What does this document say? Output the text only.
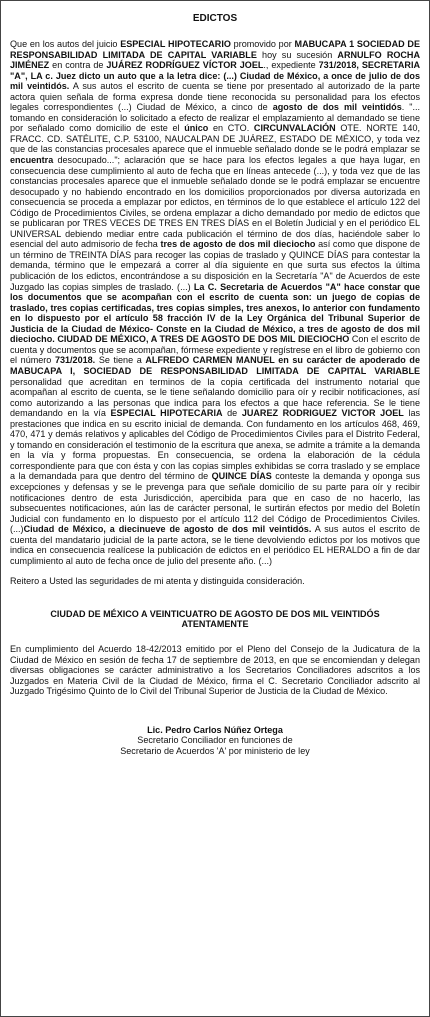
EDICTOS

Que en los autos del juicio ESPECIAL HIPOTECARIO promovido por MABUCAPA 1 SOCIEDAD DE RESPONSABILIDAD LIMITADA DE CAPITAL VARIABLE hoy su sucesión ARNULFO ROCHA JIMÉNEZ en contra de JUÁREZ RODRÍGUEZ VÍCTOR JOEL., expediente 731/2018, SECRETARIA "A", LA c. Juez dicto un auto que a la letra dice: (...) Ciudad de México, a once de julio de dos mil veintidós. A sus autos el escrito de cuenta se tiene por presentado al autorizado de la parte actora quien señala de forma expresa donde tiene reconocida su personalidad para los efectos legales correspondientes (...) Ciudad de México, a cinco de agosto de dos mil veintidós. "... tomando en consideración lo solicitado a efecto de realizar el emplazamiento al demandado se tiene por señalado como domicilio de este el único en CTO. CIRCUNVALACIÓN OTE. NORTE 140, FRACC. CD. SATÉLITE, C.P. 53100, NAUCALPAN DE JUÁREZ, ESTADO DE MÉXICO, y toda vez que de las constancias procesales aparece que el inmueble señalado donde se le podrá emplazar se encuentra desocupado..."; aclaración que se hace para los efectos legales a que haya lugar, en consecuencia dese cumplimiento al auto de fecha que en líneas antecede (...), y toda vez que de las constancias procesales aparece que el inmueble señalado donde se le podrá emplazar se encuentre desocupado y no habiendo encontrado en los domicilios proporcionados por diversa autorizada en consecuencia se proceda a emplazar por edictos, en términos de lo que establece el artículo 122 del Código de Procedimientos Civiles, se ordena emplazar a dicho demandado por medio de edictos que se publicaran por TRES VECES DE TRES EN TRES DÍAS en el Boletín Judicial y en el periódico EL UNIVERSAL debiendo mediar entre cada publicación el término de dos días, haciéndole saber lo esencial del auto admisorio de fecha tres de agosto de dos mil dieciocho así como que dispone de un término de TREINTA DÍAS para recoger las copias de traslado y QUINCE DÍAS para contestar la demanda, término que le empezará a correr al día siguiente en que surta sus efectos la última publicación de los edictos, encontrándose a su disposición en la Secretaría "A" de Acuerdos de este Juzgado las copias simples de traslado. (...) La C. Secretaria de Acuerdos "A" hace constar que los documentos que se acompañan con el escrito de cuenta son: un juego de copias de traslado, tres copias certificadas, tres copias simples, tres anexos, lo anterior con fundamento en lo dispuesto por el artículo 58 fracción IV de la Ley Orgánica del Tribunal Superior de Justicia de la Ciudad de México- Conste en la Ciudad de México, a tres de agosto de dos mil dieciocho. CIUDAD DE MÉXICO, A TRES DE AGOSTO DE DOS MIL DIECIOCHO Con el escrito de cuenta y documentos que se acompañan, fórmese expediente y regístrese en el libro de gobierno con el número 731/2018. Se tiene a ALFREDO CARMEN MANUEL en su carácter de apoderado de MABUCAPA I, SOCIEDAD DE RESPONSABILIDAD LIMITADA DE CAPITAL VARIABLE personalidad que acreditan en terminos de la copia certificada del instrumento notarial que acompañan al escrito de cuenta, se le tiene señalando domicilio para oír y recibir notificaciones, así como autorizando a las personas que indica para los efectos a que hace referencia. Se le tiene demandando en la vía ESPECIAL HIPOTECARIA de JUAREZ RODRIGUEZ VICTOR JOEL las prestaciones que indica en su escrito inicial de demanda. Con fundamento en los artículos 468, 469, 470, 471 y demás relativos y aplicables del Código de Procedimientos Civiles para el Distrito Federal, y tomando en consideración el testimonio de la escritura que anexa, se admite a trámite a la demanda en la vía y forma propuestas. En consecuencia, se ordena la elaboración de la cédula correspondiente para que con ésta y con las copias simples exhibidas se corra traslado y se emplace a la demandada para que dentro del término de QUINCE DÍAS conteste la demanda y oponga sus excepciones y defensas y se le prevenga para que señale domicilio de su parte para oír y recibir notificaciones dentro de esta Jurisdicción, apercibida para que en caso de no hacerlo, las subsecuentes notificaciones, aún las de carácter personal, le surtirán efectos por medio del Boletín Judicial con fundamento en lo dispuesto por el artículo 112 del Código de Procedimientos Civiles. (...)Ciudad de México, a diecinueve de agosto de dos mil veintidós. A sus autos el escrito de cuenta del mandatario judicial de la parte actora, se le tiene devolviendo edictos por los motivos que indica en consecuencia realícese la publicación de edictos en el periódico EL HERALDO a fin de dar cumplimiento al auto de fecha once de julio del presente año. (...)

Reitero a Usted las seguridades de mi atenta y distinguida consideración.

CIUDAD DE MÉXICO A VEINTICUATRO DE AGOSTO DE DOS MIL VEINTIDÓS
ATENTAMENTE

En cumplimiento del Acuerdo 18-42/2013 emitido por el Pleno del Consejo de la Judicatura de la Ciudad de México en sesión de fecha 17 de septiembre de 2013, en que se encomiendan y delegan diversas obligaciones se carácter administrativo a los Secretarios Conciliadores adscritos a los Juzgados en Materia Civil de la Ciudad de México, firma el C. Secretario Conciliador adscrito al Juzgado Trigésimo Quinto de lo Civil del Tribunal Superior de Justicia de la Ciudad de México.

Lic. Pedro Carlos Núñez Ortega
Secretario Conciliador en funciones de
Secretario de Acuerdos 'A' por ministerio de ley
